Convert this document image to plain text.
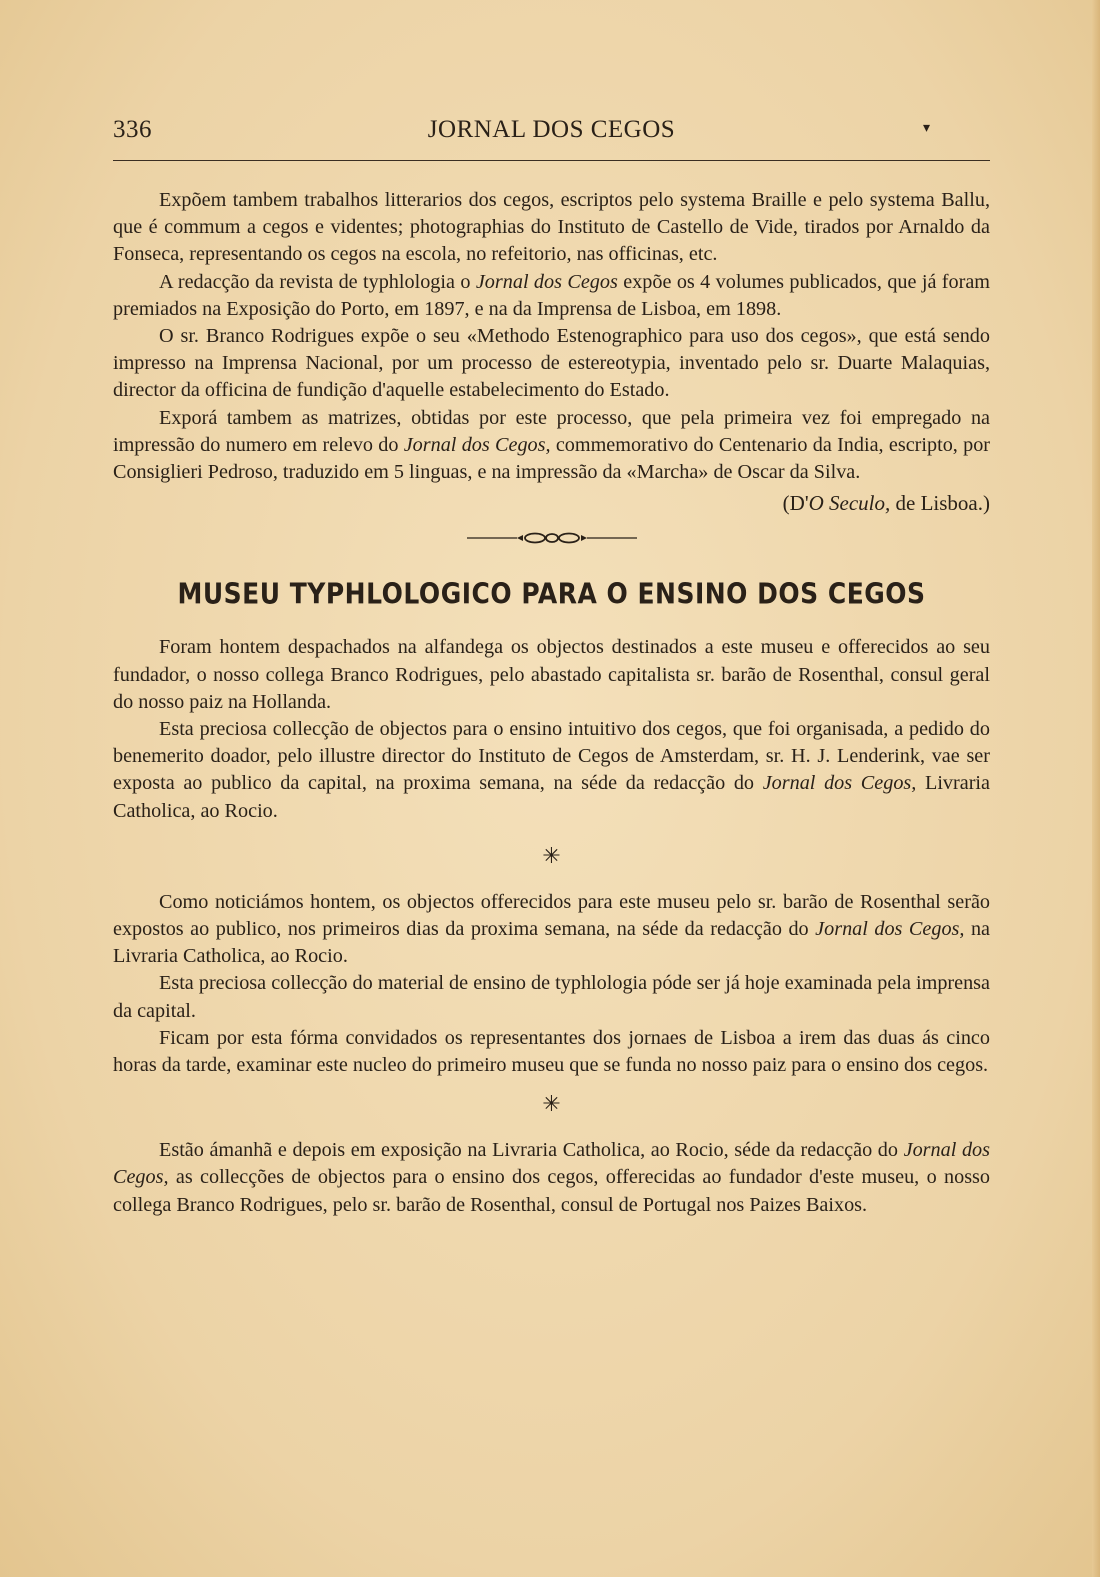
336	JORNAL DOS CEGOS	▾

Expõem tambem trabalhos litterarios dos cegos, escriptos pelo systema Braille e pelo systema Ballu, que é commum a cegos e videntes; photographias do Instituto de Castello de Vide, tirados por Arnaldo da Fonseca, representando os cegos na escola, no refeitorio, nas officinas, etc.

A redacção da revista de typhlologia o Jornal dos Cegos expõe os 4 volumes publicados, que já foram premiados na Exposição do Porto, em 1897, e na da Imprensa de Lisboa, em 1898.

O sr. Branco Rodrigues expõe o seu «Methodo Estenographico para uso dos cegos», que está sendo impresso na Imprensa Nacional, por um processo de estereotypia, inventado pelo sr. Duarte Malaquias, director da officina de fundição d'aquelle estabelecimento do Estado.

Exporá tambem as matrizes, obtidas por este processo, que pela primeira vez foi empregado na impressão do numero em relevo do Jornal dos Cegos, commemorativo do Centenario da India, escripto, por Consiglieri Pedroso, traduzido em 5 linguas, e na impressão da «Marcha» de Oscar da Silva.
(D'O Seculo, de Lisboa.)

MUSEU TYPHLOLOGICO PARA O ENSINO DOS CEGOS

Foram hontem despachados na alfandega os objectos destinados a este museu e offerecidos ao seu fundador, o nosso collega Branco Rodrigues, pelo abastado capitalista sr. barão de Rosenthal, consul geral do nosso paiz na Hollanda.

Esta preciosa collecção de objectos para o ensino intuitivo dos cegos, que foi organisada, a pedido do benemerito doador, pelo illustre director do Instituto de Cegos de Amsterdam, sr. H. J. Lenderink, vae ser exposta ao publico da capital, na proxima semana, na séde da redacção do Jornal dos Cegos, Livraria Catholica, ao Rocio.

✳

Como noticiámos hontem, os objectos offerecidos para este museu pelo sr. barão de Rosenthal serão expostos ao publico, nos primeiros dias da proxima semana, na séde da redacção do Jornal dos Cegos, na Livraria Catholica, ao Rocio.

Esta preciosa collecção do material de ensino de typhlologia póde ser já hoje examinada pela imprensa da capital.

Ficam por esta fórma convidados os representantes dos jornaes de Lisboa a irem das duas ás cinco horas da tarde, examinar este nucleo do primeiro museu que se funda no nosso paiz para o ensino dos cegos.

✳

Estão ámanhã e depois em exposição na Livraria Catholica, ao Rocio, séde da redacção do Jornal dos Cegos, as collecções de objectos para o ensino dos cegos, offerecidas ao fundador d'este museu, o nosso collega Branco Rodrigues, pelo sr. barão de Rosenthal, consul de Portugal nos Paizes Baixos.
